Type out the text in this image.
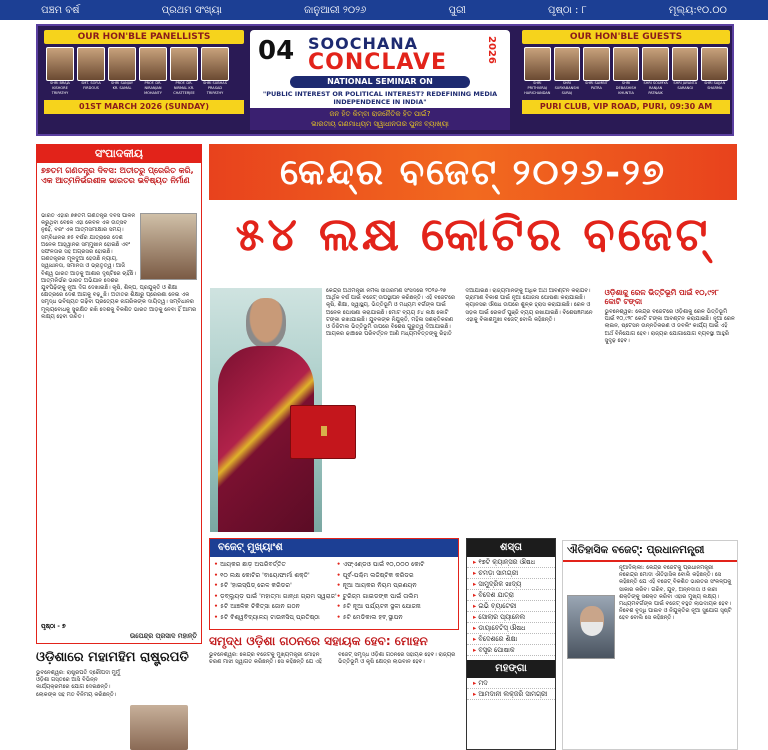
ପଞ୍ଚମ ବର୍ଷ	ପ୍ରଥମ ସଂଖ୍ୟା	ଜାନୁଆରୀ ୨୦୨୬	ପୁରୀ	ପୃଷ୍ଠା : ୮	ମୂଲ୍ୟ:୧୦.୦୦
OUR HON'BLE PANELLISTS
SHRI BRAJA KISHORE TRIPATHY
SMT. SOFIA FIRDOUS
SHRI SANJAY KR. SAMAL
PROF. DR. NIRANJAN MOHANTY
PROF. DR. NIRMAL KR. CHATTERJEE
SHRI SUBHAS PRASAD TRIPATHY
01ST MARCH 2026 (SUNDAY)
04 SOOCHANA
CONCLAVE	2026
NATIONAL SEMINAR ON
"PUBLIC INTEREST OR POLITICAL INTEREST? REDEFINING MEDIA INDEPENDENCE IN INDIA"
ଜନ ହିତ କିମ୍ବା ରାଜନୈତିକ ହିତ ପାଇଁ?
ଭାରତୀୟ ଗଣମାଧ୍ୟମ ସ୍ୱାଧୀନତାର ପୁନଃ ବ୍ୟାଖ୍ୟା
OUR HON'BLE GUESTS
SHRI PRITHVIRAJ HARICHANDAN
SHRI SURYABANSHI SURAJ
SHRI SAMBIT PATRA
SHRI DEBASHISH KHUNTIA
SHRI SOUMYA RANJAN PATNAIK
SHRI JAYANTA SARANGI
SHRI SAJJAN SHARMA
PURI CLUB, VIP ROAD, PURI, 09:30 AM
ସଂପାଦକୀୟ
୭୭ତମ ଗଣତନ୍ତ୍ର ଦିବସ: ଅତୀତରୁ ପ୍ରେରିତ କରି, ଏକ ଆତ୍ମନିର୍ଭରଶୀଳ ଭାରତର ଭବିଷ୍ୟତ ନିର୍ମାଣ
ଭାରତ ଏହାର ୭୭ତମ ଗଣତନ୍ତ୍ର ଦିବସ ପାଳନ କରୁଥିବା ବେଳେ ଏହା କେବଳ ଏକ ଉତ୍ସବ ନୁହେଁ, ବରଂ ଏକ ଆତ୍ମସମୀକ୍ଷାର ସମୟ। ସମ୍ବିଧାନର ୭୫ ବର୍ଷର ଯାତ୍ରାରେ ଦେଶ ଅନେକ ଆହ୍ୱାନର ସମ୍ମୁଖୀନ ହୋଇଛି ଏବଂ ସଫଳତାର ସହ ଅଗ୍ରସର ହୋଇଛି। ଗଣତନ୍ତ୍ରର ମୂଳଦୁଆ ହେଉଛି ନ୍ୟାୟ, ସ୍ୱାଧୀନତା, ସମାନତା ଓ ଭ୍ରାତୃତ୍ୱ। ଆଜି ବିଶ୍ୱ ଭାରତ ଆଡ଼କୁ ଆଶାର ଦୃଷ୍ଟିରେ ଚାହିଁଛି। ଆତ୍ମନିର୍ଭର ଭାରତ ଅଭିଯାନ ଦେଶର ଯୁବପିଢ଼ିଙ୍କୁ ନୂଆ ଦିଗ ଦେଖାଇଛି। କୃଷି, ଶିଳ୍ପ, ପ୍ରଯୁକ୍ତି ଓ ଶିକ୍ଷା କ୍ଷେତ୍ରରେ ଦେଶ ଆଗକୁ ବଢ଼ୁଛି। ଅତୀତର ଶିକ୍ଷାରୁ ପ୍ରେରଣା ନେଇ ଏକ ସମୃଦ୍ଧ ଭବିଷ୍ୟତ ଗଢ଼ିବା ପ୍ରତ୍ୟେକ ନାଗରିକଙ୍କ ଦାୟିତ୍ୱ। ସମ୍ବିଧାନର ମୂଲ୍ୟବୋଧକୁ ସୁରକ୍ଷିତ ରଖି ଦେଶକୁ ବିକଶିତ ଭାରତ ଆଡ଼କୁ ନେବା ହିଁ ଆମର ଲକ୍ଷ୍ୟ ହେବା ଉଚିତ।
ପୃଷ୍ଠା - ୭
ଉପେନ୍ଦ୍ର ପ୍ରସାଦ ମହାନ୍ତି
ଓଡ଼ିଶାରେ ମହାମହିମ ରାଷ୍ଟ୍ରପତି
ଭୁବନେଶ୍ୱର: ରାଷ୍ଟ୍ରପତି ଦ୍ରୌପଦୀ ମୁର୍ମୁ ଓଡ଼ିଶା ଗସ୍ତରେ ଆସି ବିଭିନ୍ନ କାର୍ଯ୍ୟକ୍ରମରେ ଯୋଗ ଦେଇଛନ୍ତି। ଲୋକଙ୍କ ସହ ମତ ବିନିମୟ କରିଛନ୍ତି।
କେନ୍ଦ୍ର ବଜେଟ୍ ୨୦୨୬-୨୭
୫୪ ଲକ୍ଷ କୋଟିର ବଜେଟ୍
କେନ୍ଦ୍ର ଅର୍ଥମନ୍ତ୍ରୀ ନିର୍ମଳା ସୀତାରମଣ ସଂସଦରେ ୨୦୨୬-୨୭ ଆର୍ଥିକ ବର୍ଷ ପାଇଁ ବଜେଟ୍ ଉପସ୍ଥାପନ କରିଛନ୍ତି। ଏହି ବଜେଟରେ କୃଷି, ଶିକ୍ଷା, ସ୍ୱାସ୍ଥ୍ୟ, ଭିତ୍ତିଭୂମି ଓ ମଧ୍ୟମ ବର୍ଗଙ୍କ ପାଇଁ ଅନେକ ଘୋଷଣା କରାଯାଇଛି। ମୋଟ ବ୍ୟୟ ୫୪ ଲକ୍ଷ କୋଟି ଟଙ୍କା ରଖାଯାଇଛି। ଯୁବକଙ୍କ ନିଯୁକ୍ତି, ମହିଳା ସଶକ୍ତିକରଣ ଓ ଡିଜିଟାଲ ଭିତ୍ତିଭୂମି ଉପରେ ବିଶେଷ ଗୁରୁତ୍ୱ ଦିଆଯାଇଛି। ଆୟକର ଢାଞ୍ଚାରେ ପରିବର୍ତ୍ତନ ଆଣି ମଧ୍ୟମବିତ୍ତଙ୍କୁ ରିହାତି ଦିଆଯାଇଛି। ରାଜ୍ୟମାନଙ୍କୁ ଅଧିକ ଅର୍ଥ ଆବଣ୍ଟନ କରାଯିବ। ଗ୍ରାମୀଣ ବିକାଶ ପାଇଁ ନୂଆ ଯୋଜନା ଘୋଷଣା କରାଯାଇଛି। କ୍ୟାନସର ଔଷଧ ଉପରେ ଶୁଳ୍କ ହ୍ରାସ କରାଯାଇଛି। ରେଳ ଓ ସଡ଼କ ପାଇଁ ରେକର୍ଡ ପୁଞ୍ଜି ବ୍ୟୟ ରଖାଯାଇଛି। ବିଶେଷଜ୍ଞମାନେ ଏହାକୁ ବିକାଶମୁଖୀ ବଜେଟ୍ ବୋଲି କହିଛନ୍ତି।
ଓଡ଼ିଶାକୁ ରେଳ ଭିତ୍ତିଭୂମି ପାଇଁ ୧୦,୯୨୮ କୋଟି ଟଙ୍କା
ଭୁବନେଶ୍ୱର: କେନ୍ଦ୍ର ବଜେଟରେ ଓଡ଼ିଶାକୁ ରେଳ ଭିତ୍ତିଭୂମି ପାଇଁ ୧୦,୯୨୮ କୋଟି ଟଙ୍କା ଆବଣ୍ଟନ କରାଯାଇଛି। ନୂଆ ରେଳ ଲାଇନ, ଷ୍ଟେସନ ଉନ୍ନତିକରଣ ଓ ଡବଲିଂ କାର୍ଯ୍ୟ ପାଇଁ ଏହି ଅର୍ଥ ବିନିଯୋଗ ହେବ। ରାଜ୍ୟର ଯୋଗାଯୋଗ ବ୍ୟବସ୍ଥା ଆହୁରି ସୁଦୃଢ଼ ହେବ।
ବଜେଟ୍ ମୁଖ୍ୟାଂଶ
• ଆୟକର ଛାଡ଼ ଅପରିବର୍ତ୍ତିତ
• ୧୦ ଲକ୍ଷ କୋଟିର 'ବାୟୋଫାର୍ମା ଶକ୍ତି'
• ୫ଟି 'ହାଇସ୍ପିଡ୍ ରେଳ କରିଡର'
• ଡ଼ବ୍ଲ୍ୟୁଡ଼ ପାଇଁ 'ମହାତ୍ମା ଗାନ୍ଧୀ ଗ୍ରାମ ସ୍ୱରାଜ'
• ୫ଟି ଆଞ୍ଚଳିକ ଚିକିତ୍ସା ଜୋନ ଗଠନ
• ୫ଟି ବିଶ୍ୱବିଦ୍ୟାଳୟ ଟାଉନସିପ୍ ପ୍ରତିଷ୍ଠା
• ଏଫ୍‌ଏଣ୍ଡଓ ପାଇଁ ୧୦,୦୦୦ କୋଟି
• ପୂର୍ବ-ପଶ୍ଚିମ ଲଜିଷ୍ଟିକ କରିଡର
• ନୂଆ ଆୟକର ନିୟମ ପ୍ରଣୟନ
• ଟୁରିଜ୍‌ମ ଗାଇଡଙ୍କ ପାଇଁ ତାଲିମ
• ୫ଟି ନୂଆ ପର୍ଯ୍ୟଟନ ସ୍ଥଳୀ ଯୋଜନା
• ୫ଟି ମେଡିକାଲ ହବ୍ ସ୍ଥାପନ
ଶସ୍ତା
▸ ୧୭ଟି କ୍ୟାନ୍ସର ଔଷଧ
▸ ଚମଡ଼ା ସାମଗ୍ରୀ
▸ ସାମୁଦ୍ରିକ ଖାଦ୍ୟ
▸ ବିଦେଶ ଯାତ୍ରା
▸ ଇଭି ବ୍ୟାଟେରୀ
▸ ସୋଲାର ପ୍ୟାନେଲ
▸ ଡାୟାବେଟିସ୍ ଔଷଧ
▸ ବିଦେଶରେ ଶିକ୍ଷା
▸ ବସ୍ତ୍ର ପୋଷାକ
ମହଙ୍ଗା
▸ ମଦ
▸ ଆମଦାନୀ ଲକ୍ଜରି ସାମଗ୍ରୀ
ଐତିହାସିକ ବଜେଟ୍: ପ୍ରଧାନମନ୍ତ୍ରୀ
ନୂଆଦିଲ୍ଲୀ: କେନ୍ଦ୍ର ବଜେଟକୁ ପ୍ରଧାନମନ୍ତ୍ରୀ ନରେନ୍ଦ୍ର ମୋଦୀ ଐତିହାସିକ ବୋଲି କହିଛନ୍ତି। ସେ କହିଛନ୍ତି ଯେ ଏହି ବଜେଟ୍ ବିକଶିତ ଭାରତର ସଂକଳ୍ପକୁ ସାକାର କରିବ। ଗରିବ, ଯୁବ, ଅନ୍ନଦାତା ଓ ନାରୀ ଶକ୍ତିଙ୍କୁ ସଶକ୍ତ କରିବା ଏହାର ମୁଖ୍ୟ ଲକ୍ଷ୍ୟ। ମଧ୍ୟମବର୍ଗଙ୍କ ପାଇଁ ବଜେଟ୍ ବହୁତ ଲାଭଦାୟକ ହେବ। ନିବେଶ ବୃଦ୍ଧି ପାଇବ ଓ ନିଯୁକ୍ତିର ନୂଆ ସୁଯୋଗ ସୃଷ୍ଟି ହେବ ବୋଲି ସେ କହିଛନ୍ତି।
ସମୃଦ୍ଧ ଓଡ଼ିଶା ଗଠନରେ ସହାୟକ ହେବ: ମୋହନ
ଭୁବନେଶ୍ୱର: କେନ୍ଦ୍ର ବଜେଟକୁ ମୁଖ୍ୟମନ୍ତ୍ରୀ ମୋହନ ଚରଣ ମାଝୀ ସ୍ୱାଗତ କରିଛନ୍ତି। ସେ କହିଛନ୍ତି ଯେ ଏହି ବଜେଟ୍ ସମୃଦ୍ଧ ଓଡ଼ିଶା ଗଠନରେ ସହାୟକ ହେବ। ରାଜ୍ୟର ଭିତ୍ତିଭୂମି ଓ କୃଷି କ୍ଷେତ୍ର ଲାଭବାନ ହେବ।
